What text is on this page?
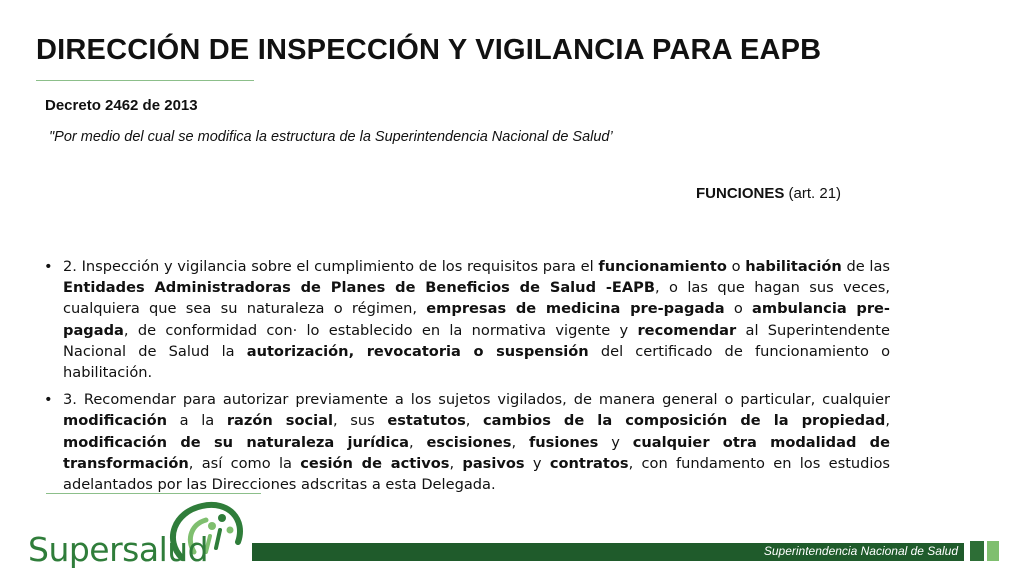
DIRECCIÓN DE INSPECCIÓN Y VIGILANCIA PARA EAPB
Decreto 2462 de 2013
"Por medio del cual se modifica la estructura de la Superintendencia Nacional de Salud’
FUNCIONES (art. 21)
• 2. Inspección y vigilancia sobre el cumplimiento de los requisitos para el funcionamiento o habilitación de las Entidades Administradoras de Planes de Beneficios de Salud -EAPB, o las que hagan sus veces, cualquiera que sea su naturaleza o régimen, empresas de medicina pre-pagada o ambulancia pre-pagada, de conformidad con· lo establecido en la normativa vigente y recomendar al Superintendente Nacional de Salud la autorización, revocatoria o suspensión del certificado de funcionamiento o habilitación.
• 3. Recomendar para autorizar previamente a los sujetos vigilados, de manera general o particular, cualquier modificación a la razón social, sus estatutos, cambios de la composición de la propiedad, modificación de su naturaleza jurídica, escisiones, fusiones y cualquier otra modalidad de transformación, así como la cesión de activos, pasivos y contratos, con fundamento en los estudios adelantados por las Direcciones adscritas a esta Delegada.
Supersalud	Superintendencia Nacional de Salud
